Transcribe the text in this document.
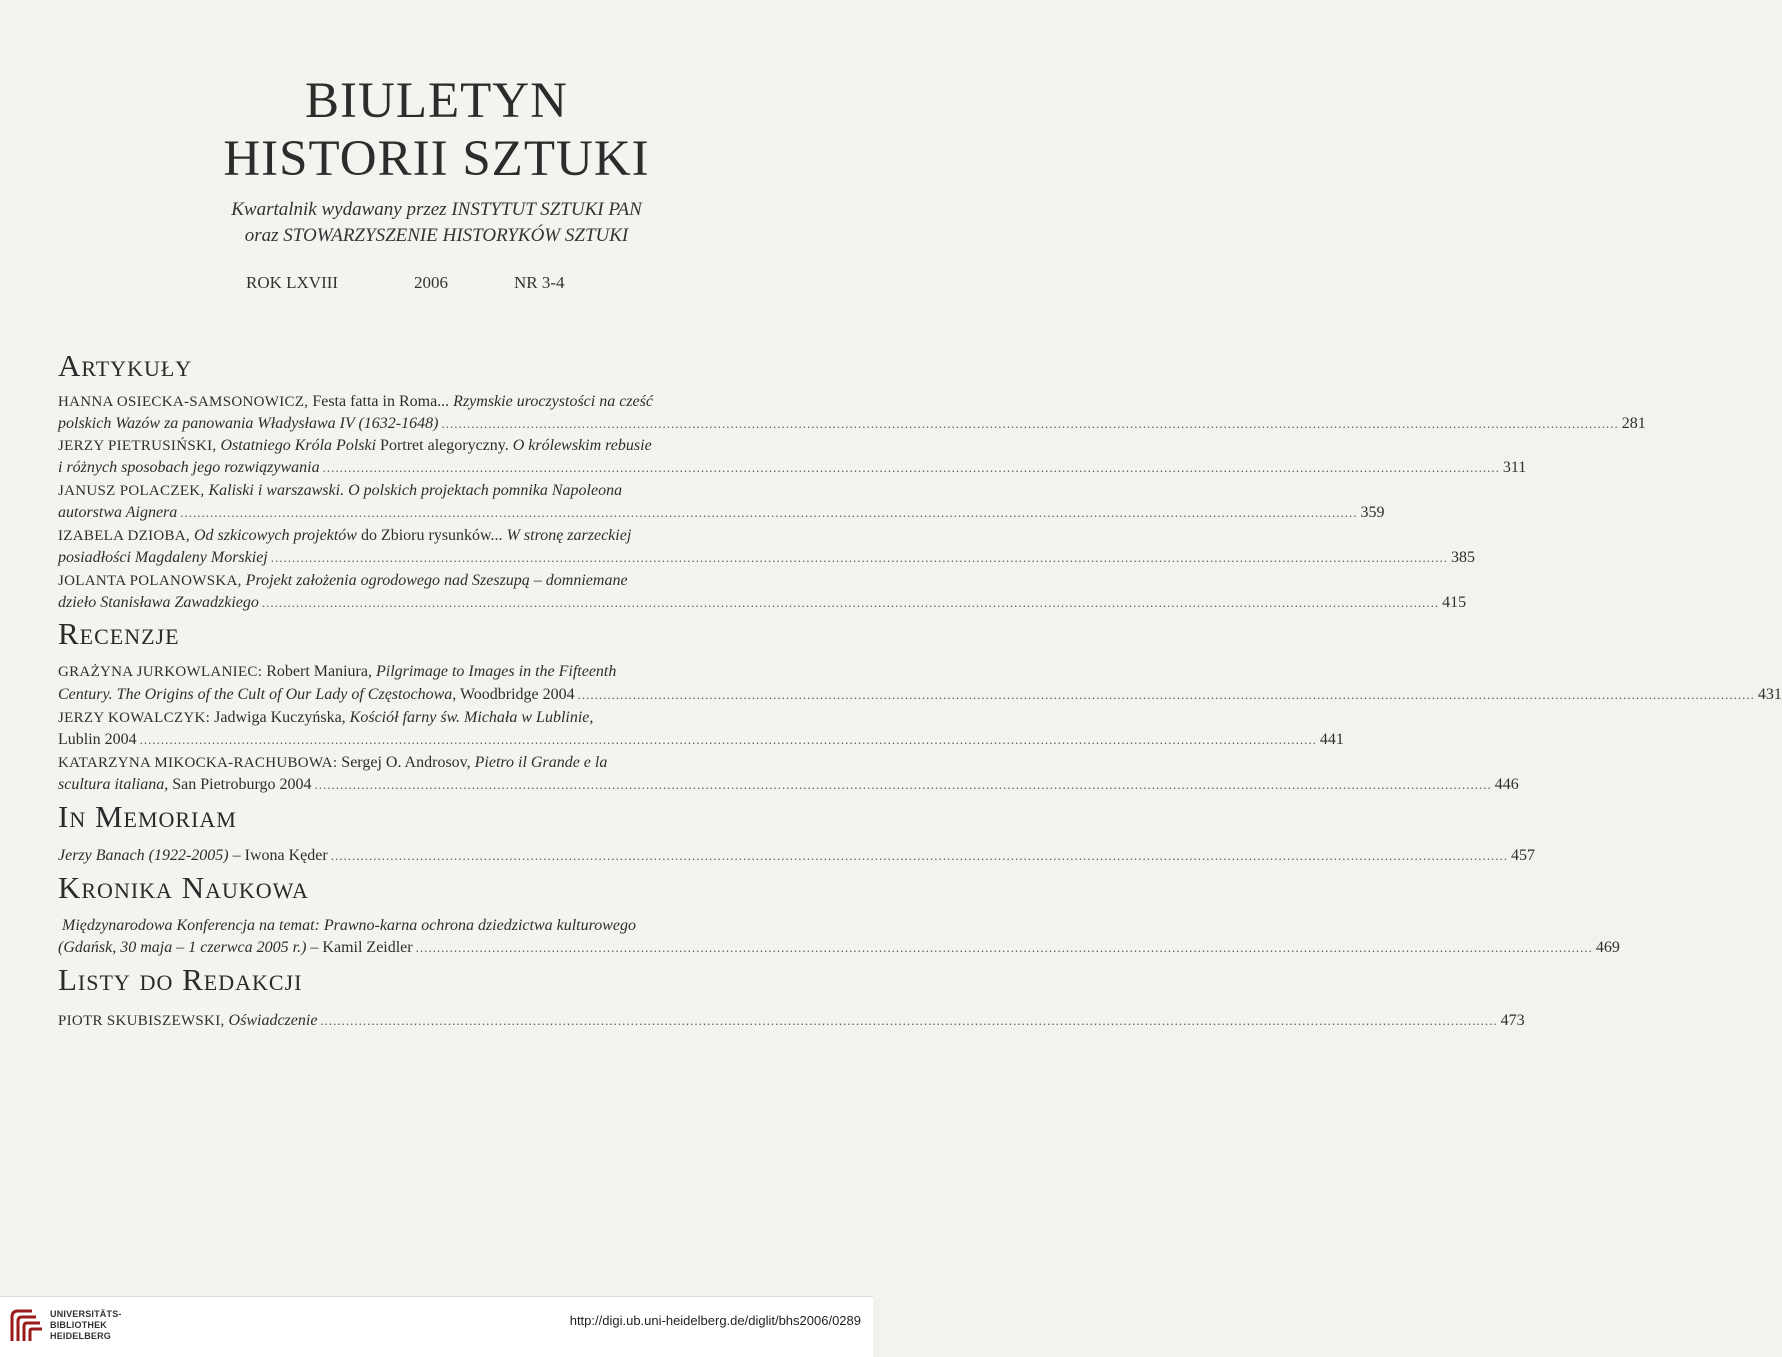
BIULETYN
HISTORII SZTUKI
Kwartalnik wydawany przez INSTYTUT SZTUKI PAN
oraz STOWARZYSZENIE HISTORYKÓW SZTUKI
ROK LXVIII	2006	NR 3-4
Artykuły
HANNA OSIECKA-SAMSONOWICZ, Festa fatta in Roma... Rzymskie uroczystości na cześć
polskich Wazów za panowania Władysława IV (1632-1648) ..................................................................................................................................................................................................................................................................................... 281
JERZY PIETRUSIŃSKI, Ostatniego Króla Polski Portret alegoryczny. O królewskim rebusie
i różnych sposobach jego rozwiązywania ..................................................................................................................................................................................................................................................................................... 311
JANUSZ POLACZEK, Kaliski i warszawski. O polskich projektach pomnika Napoleona
autorstwa Aignera ..................................................................................................................................................................................................................................................................................... 359
IZABELA DZIOBA, Od szkicowych projektów do Zbioru rysunków... W stronę zarzeckiej
posiadłości Magdaleny Morskiej ..................................................................................................................................................................................................................................................................................... 385
JOLANTA POLANOWSKA, Projekt założenia ogrodowego nad Szeszupą – domniemane
dzieło Stanisława Zawadzkiego ..................................................................................................................................................................................................................................................................................... 415
Recenzje
GRAŻYNA JURKOWLANIEC: Robert Maniura, Pilgrimage to Images in the Fifteenth
Century. The Origins of the Cult of Our Lady of Częstochowa, Woodbridge 2004 ..................................................................................................................................................................................................................................................................................... 431
JERZY KOWALCZYK: Jadwiga Kuczyńska, Kościół farny św. Michała w Lublinie,
Lublin 2004 ..................................................................................................................................................................................................................................................................................... 441
KATARZYNA MIKOCKA-RACHUBOWA: Sergej O. Androsov, Pietro il Grande e la
scultura italiana, San Pietroburgo 2004 ..................................................................................................................................................................................................................................................................................... 446
In Memoriam
Jerzy Banach (1922-2005) – Iwona Kęder ..................................................................................................................................................................................................................................................................................... 457
Kronika Naukowa
Międzynarodowa Konferencja na temat: Prawno-karna ochrona dziedzictwa kulturowego
(Gdańsk, 30 maja – 1 czerwca 2005 r.) – Kamil Zeidler ..................................................................................................................................................................................................................................................................................... 469
Listy do Redakcji
PIOTR SKUBISZEWSKI, Oświadczenie ..................................................................................................................................................................................................................................................................................... 473
UNIVERSITÄTS-
BIBLIOTHEK
HEIDELBERG
http://digi.ub.uni-heidelberg.de/diglit/bhs2006/0289
